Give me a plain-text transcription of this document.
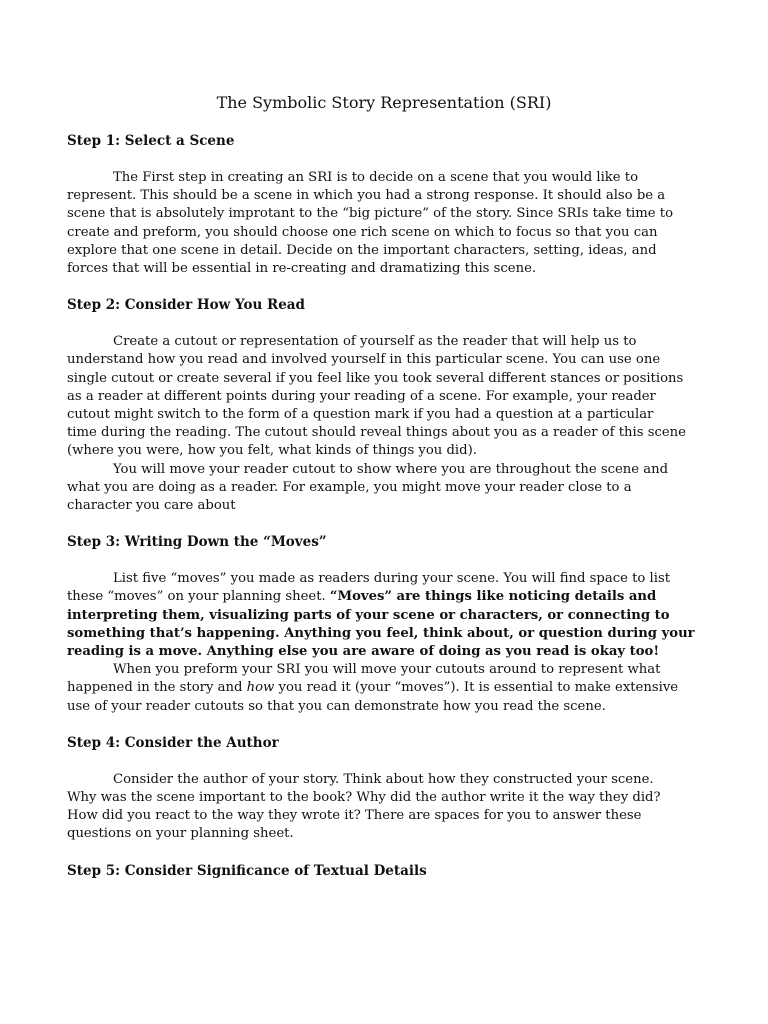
The Symbolic Story Representation (SRI)
Step 1: Select a Scene
The First step in creating an SRI is to decide on a scene that you would like to
represent. This should be a scene in which you had a strong response. It should also be a
scene that is absolutely improtant to the “big picture” of the story. Since SRIs take time to
create and preform, you should choose one rich scene on which to focus so that you can
explore that one scene in detail. Decide on the important characters, setting, ideas, and
forces that will be essential in re-creating and dramatizing this scene.
Step 2: Consider How You Read
Create a cutout or representation of yourself as the reader that will help us to
understand how you read and involved yourself in this particular scene. You can use one
single cutout or create several if you feel like you took several different stances or positions
as a reader at different points during your reading of a scene. For example, your reader
cutout might switch to the form of a question mark if you had a question at a particular
time during the reading. The cutout should reveal things about you as a reader of this scene
(where you were, how you felt, what kinds of things you did).
You will move your reader cutout to show where you are throughout the scene and
what you are doing as a reader. For example, you might move your reader close to a
character you care about
Step 3: Writing Down the “Moves”
List five “moves” you made as readers during your scene. You will find space to list
these “moves” on your planning sheet. “Moves” are things like noticing details and
interpreting them, visualizing parts of your scene or characters, or connecting to
something that’s happening. Anything you feel, think about, or question during your
reading is a move. Anything else you are aware of doing as you read is okay too!
When you preform your SRI you will move your cutouts around to represent what
happened in the story and how you read it (your “moves”). It is essential to make extensive
use of your reader cutouts so that you can demonstrate how you read the scene.
Step 4: Consider the Author
Consider the author of your story. Think about how they constructed your scene.
Why was the scene important to the book? Why did the author write it the way they did?
How did you react to the way they wrote it? There are spaces for you to answer these
questions on your planning sheet.
Step 5: Consider Significance of Textual Details
